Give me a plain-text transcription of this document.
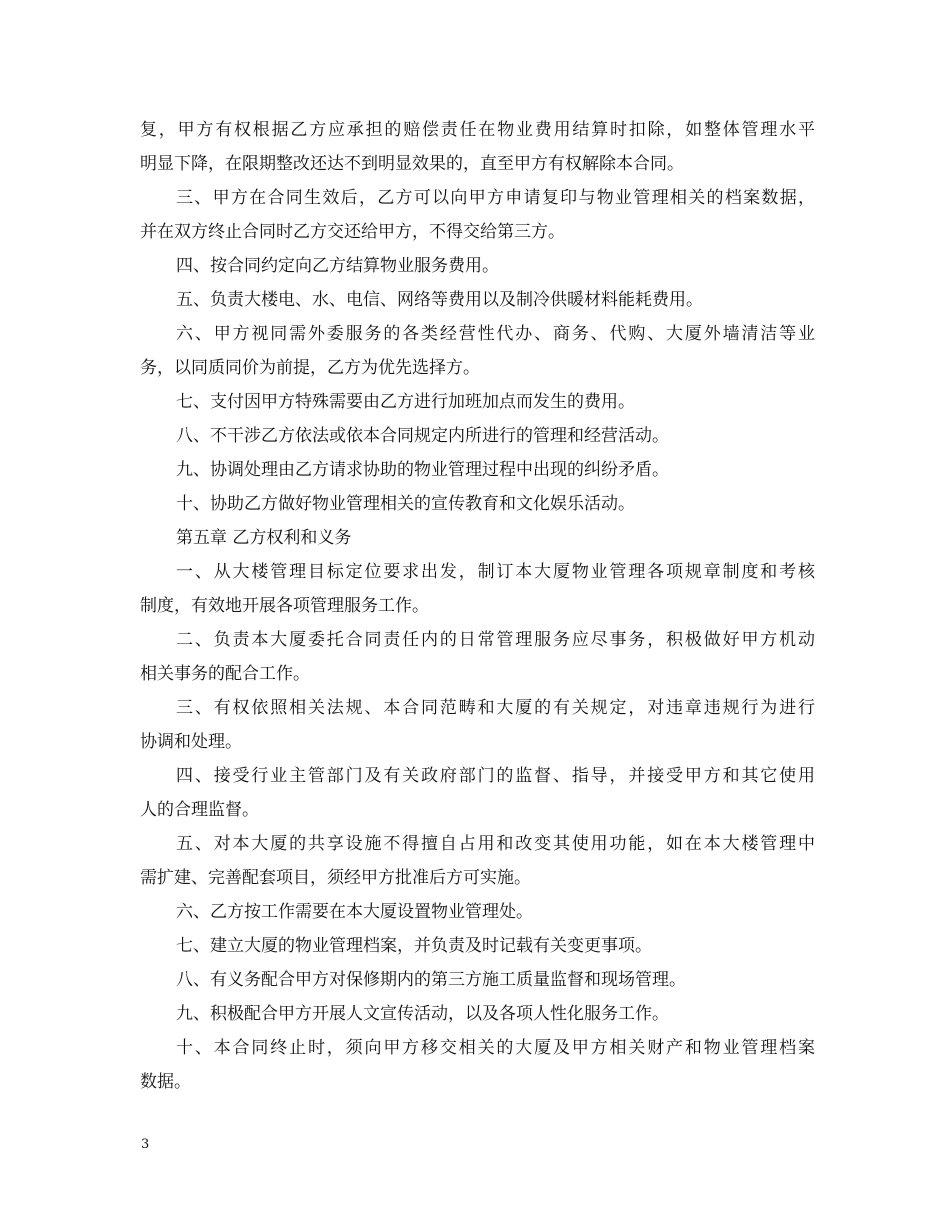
复，甲方有权根据乙方应承担的赔偿责任在物业费用结算时扣除，如整体管理水平
明显下降，在限期整改还达不到明显效果的，直至甲方有权解除本合同。
三、甲方在合同生效后，乙方可以向甲方申请复印与物业管理相关的档案数据，
并在双方终止合同时乙方交还给甲方，不得交给第三方。
四、按合同约定向乙方结算物业服务费用。
五、负责大楼电、水、电信、网络等费用以及制冷供暖材料能耗费用。
六、甲方视同需外委服务的各类经营性代办、商务、代购、大厦外墙清洁等业
务，以同质同价为前提，乙方为优先选择方。
七、支付因甲方特殊需要由乙方进行加班加点而发生的费用。
八、不干涉乙方依法或依本合同规定内所进行的管理和经营活动。
九、协调处理由乙方请求协助的物业管理过程中出现的纠纷矛盾。
十、协助乙方做好物业管理相关的宣传教育和文化娱乐活动。
第五章 乙方权利和义务
一、从大楼管理目标定位要求出发，制订本大厦物业管理各项规章制度和考核
制度，有效地开展各项管理服务工作。
二、负责本大厦委托合同责任内的日常管理服务应尽事务，积极做好甲方机动
相关事务的配合工作。
三、有权依照相关法规、本合同范畴和大厦的有关规定，对违章违规行为进行
协调和处理。
四、接受行业主管部门及有关政府部门的监督、指导，并接受甲方和其它使用
人的合理监督。
五、对本大厦的共享设施不得擅自占用和改变其使用功能，如在本大楼管理中
需扩建、完善配套项目，须经甲方批准后方可实施。
六、乙方按工作需要在本大厦设置物业管理处。
七、建立大厦的物业管理档案，并负责及时记载有关变更事项。
八、有义务配合甲方对保修期内的第三方施工质量监督和现场管理。
九、积极配合甲方开展人文宣传活动，以及各项人性化服务工作。
十、本合同终止时，须向甲方移交相关的大厦及甲方相关财产和物业管理档案
数据。
3
